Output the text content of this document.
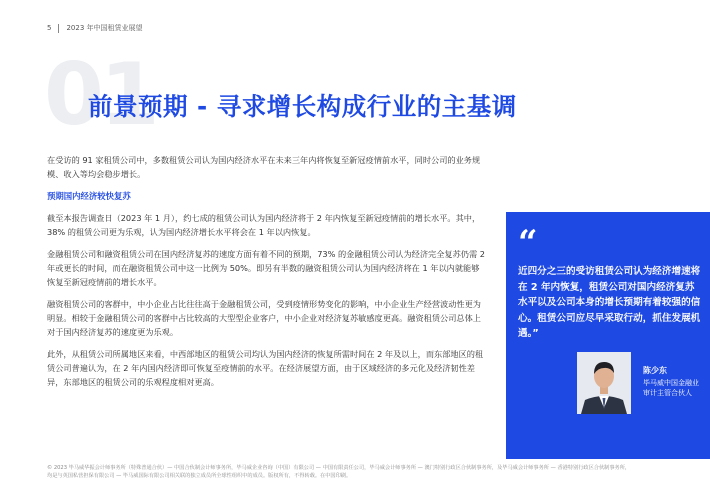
5 2023 年中国租赁业展望
01
前景预期 - 寻求增长构成行业的主基调

在受访的 91 家租赁公司中，多数租赁公司认为国内经济水平在未来三年内将恢复至新冠疫情前水平，同时公司的业务规模、收入等均会稳步增长。

预期国内经济较快复苏

截至本报告调查日（2023 年 1 月），约七成的租赁公司认为国内经济将于 2 年内恢复至新冠疫情前的增长水平。其中，38% 的租赁公司更为乐观，认为国内经济增长水平将会在 1 年以内恢复。

金融租赁公司和融资租赁公司在国内经济复苏的速度方面有着不同的预期，73% 的金融租赁公司认为经济完全复苏仍需 2 年或更长的时间，而在融资租赁公司中这一比例为 50%。即另有半数的融资租赁公司认为国内经济将在 1 年以内就能够恢复至新冠疫情前的增长水平。

融资租赁公司的客群中，中小企业占比往往高于金融租赁公司，受到疫情形势变化的影响，中小企业生产经营波动性更为明显。相较于金融租赁公司的客群中占比较高的大型型企业客户，中小企业对经济复苏敏感度更高。融资租赁公司总体上对于国内经济复苏的速度更为乐观。

此外，从租赁公司所属地区来看，中西部地区的租赁公司均认为国内经济的恢复所需时间在 2 年及以上，而东部地区的租赁公司普遍认为，在 2 年内国内经济即可恢复至疫情前的水平。在经济展望方面，由于区域经济的多元化及经济韧性差异，东部地区的租赁公司的乐观程度相对更高。

“
近四分之三的受访租赁公司认为经济增速将在 2 年内恢复，租赁公司对国内经济复苏水平以及公司本身的增长预期有着较强的信心。租赁公司应尽早采取行动，抓住发展机遇。”
陈少东
毕马威中国金融业审计主管合伙人
© 2023 毕马威华振会计师事务所（特殊普通合伙）— 中国合伙制会计师事务所，毕马威企业咨询（中国）有限公司 — 中国有限责任公司，毕马威会计师事务所 — 澳门特别行政区合伙制事务所，及毕马威会计师事务所 — 香港特别行政区合伙制事务所，均是与英国私营担保有限公司 — 毕马威国际有限公司相关联的独立成员所全球性组织中的成员。版权所有，不得转载。在中国印刷。
